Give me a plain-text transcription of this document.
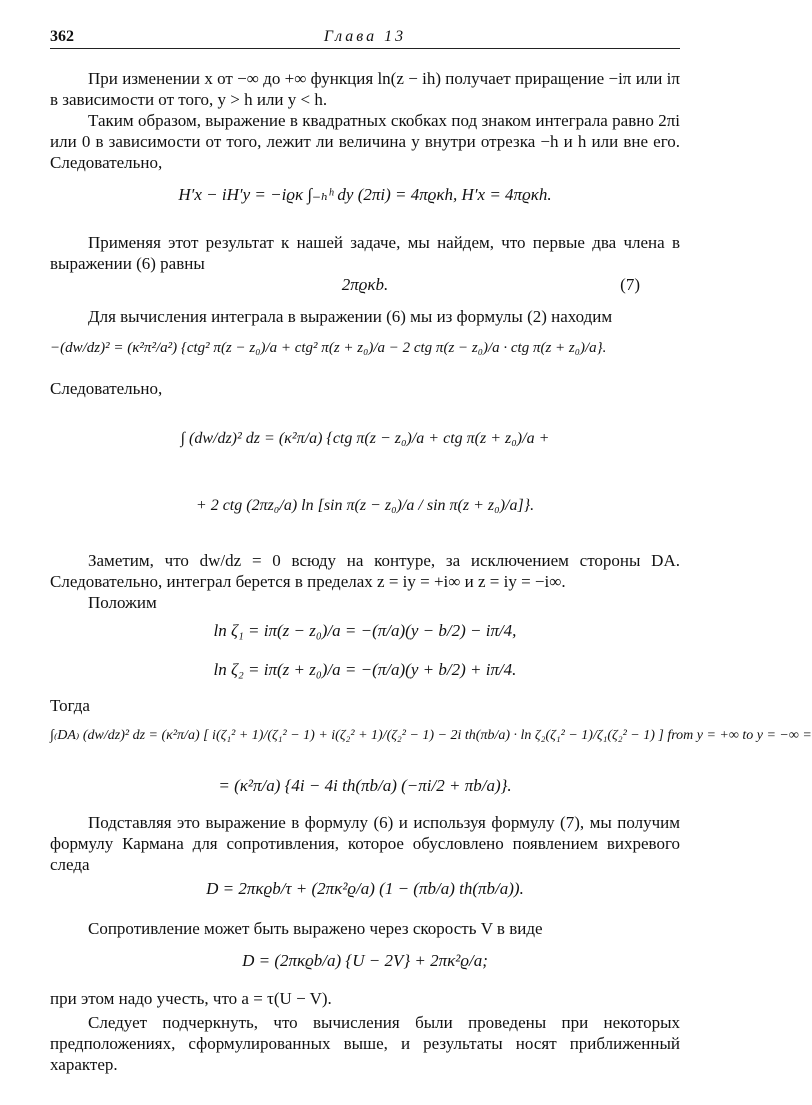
362	Глава 13

При изменении x от −∞ до +∞ функция ln(z − ih) получает приращение −iπ или iπ в зависимости от того, y > h или y < h.

Таким образом, выражение в квадратных скобках под знаком интеграла равно 2πi или 0 в зависимости от того, лежит ли величина y внутри отрезка −h и h или вне его. Следовательно,

H′x − iH′y = −iϱκ ∫₋ₕʰ dy (2πi) = 4πϱκh, H′x = 4πϱκh.

Применяя этот результат к нашей задаче, мы найдем, что первые два члена в выражении (6) равны

2πϱκb.	(7)

Для вычисления интеграла в выражении (6) мы из формулы (2) находим

−(dw/dz)² = (κ²π²/a²) {ctg² π(z − z₀)/a + ctg² π(z + z₀)/a − 2 ctg π(z − z₀)/a · ctg π(z + z₀)/a}.

Следовательно,

∫ (dw/dz)² dz = (κ²π/a) {ctg π(z − z₀)/a + ctg π(z + z₀)/a +

+ 2 ctg (2πz₀/a) ln [sin π(z − z₀)/a / sin π(z + z₀)/a]}.

Заметим, что dw/dz = 0 всюду на контуре, за исключением стороны DA. Следовательно, интеграл берется в пределах z = iy = +i∞ и z = iy = −i∞.

Положим

ln ζ₁ = iπ(z − z₀)/a = −(π/a)(y − b/2) − iπ/4,

ln ζ₂ = iπ(z + z₀)/a = −(π/a)(y + b/2) + iπ/4.

Тогда

∫₍DA₎ (dw/dz)² dz = (κ²π/a) [ i(ζ₁² + 1)/(ζ₁² − 1) + i(ζ₂² + 1)/(ζ₂² − 1) − 2i th(πb/a) · ln ζ₂(ζ₁² − 1)/ζ₁(ζ₂² − 1) ] from y = +∞ to y = −∞ =

= (κ²π/a) {4i − 4i th(πb/a) (−πi/2 + πb/a)}.

Подставляя это выражение в формулу (6) и используя формулу (7), мы получим формулу Кармана для сопротивления, которое обусловлено появлением вихревого следа

D = 2πκϱb/τ + (2πκ²ϱ/a) (1 − (πb/a) th(πb/a)).

Сопротивление может быть выражено через скорость V в виде

D = (2πκϱb/a) {U − 2V} + 2πκ²ϱ/a;

при этом надо учесть, что a = τ(U − V).

Следует подчеркнуть, что вычисления были проведены при некоторых предположениях, сформулированных выше, и результаты носят приближенный характер.
